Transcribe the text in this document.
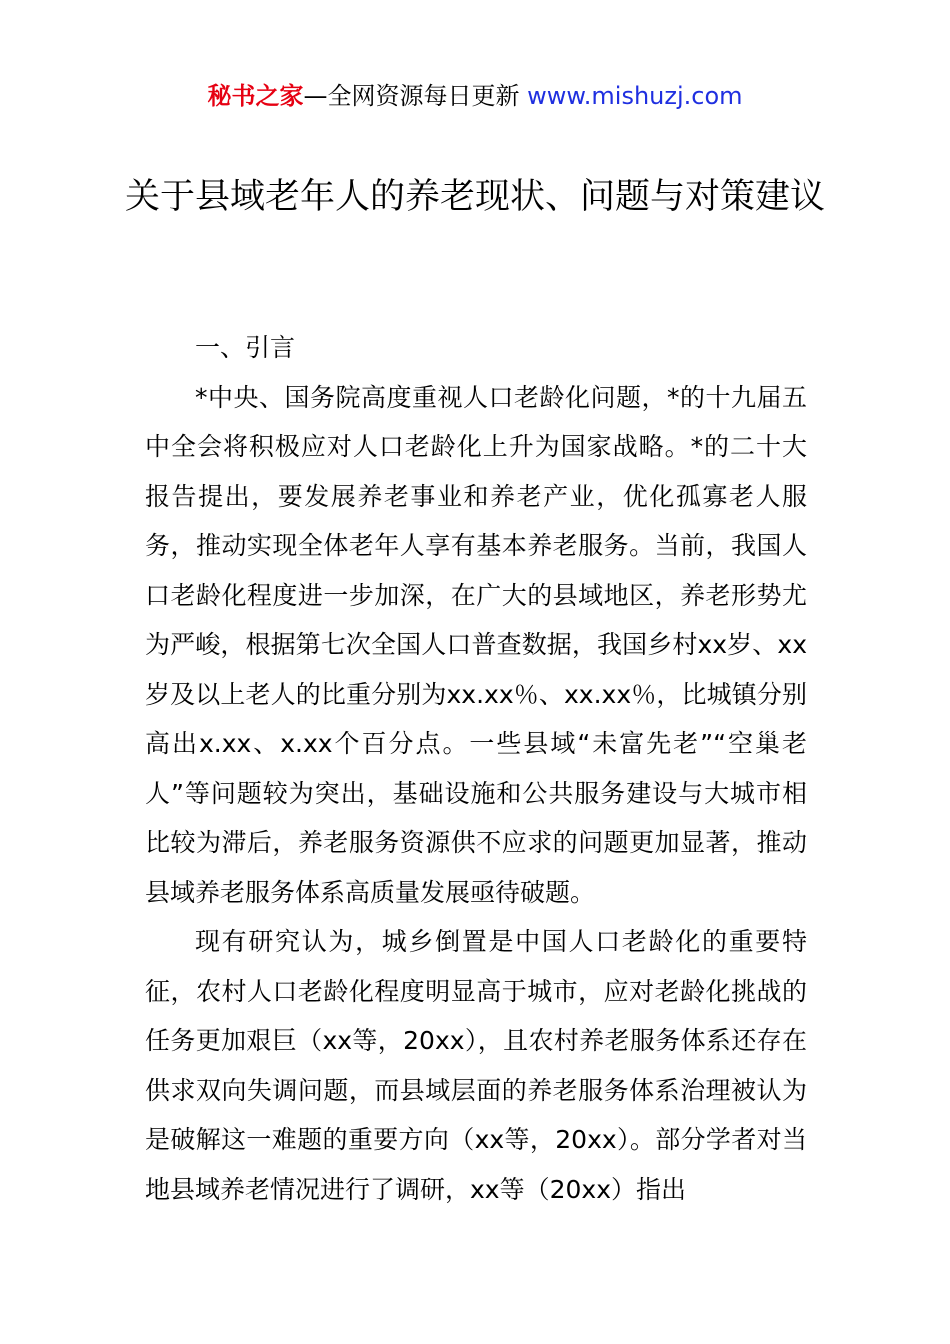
秘书之家—全网资源每日更新 www.mishuzj.com
关于县域老年人的养老现状、问题与对策建议

一、引言

*中央、国务院高度重视人口老龄化问题，*的十九届五中全会将积极应对人口老龄化上升为国家战略。*的二十大报告提出，要发展养老事业和养老产业，优化孤寡老人服务，推动实现全体老年人享有基本养老服务。当前，我国人口老龄化程度进一步加深，在广大的县域地区，养老形势尤为严峻，根据第七次全国人口普查数据，我国乡村xx岁、xx岁及以上老人的比重分别为xx.xx％、xx.xx％，比城镇分别高出x.xx、x.xx个百分点。一些县域“未富先老”“空巢老人”等问题较为突出，基础设施和公共服务建设与大城市相比较为滞后，养老服务资源供不应求的问题更加显著，推动县域养老服务体系高质量发展亟待破题。

现有研究认为，城乡倒置是中国人口老龄化的重要特征，农村人口老龄化程度明显高于城市，应对老龄化挑战的任务更加艰巨（xx等，20xx），且农村养老服务体系还存在供求双向失调问题，而县域层面的养老服务体系治理被认为是破解这一难题的重要方向（xx等，20xx）。部分学者对当地县域养老情况进行了调研，xx等（20xx）指出
